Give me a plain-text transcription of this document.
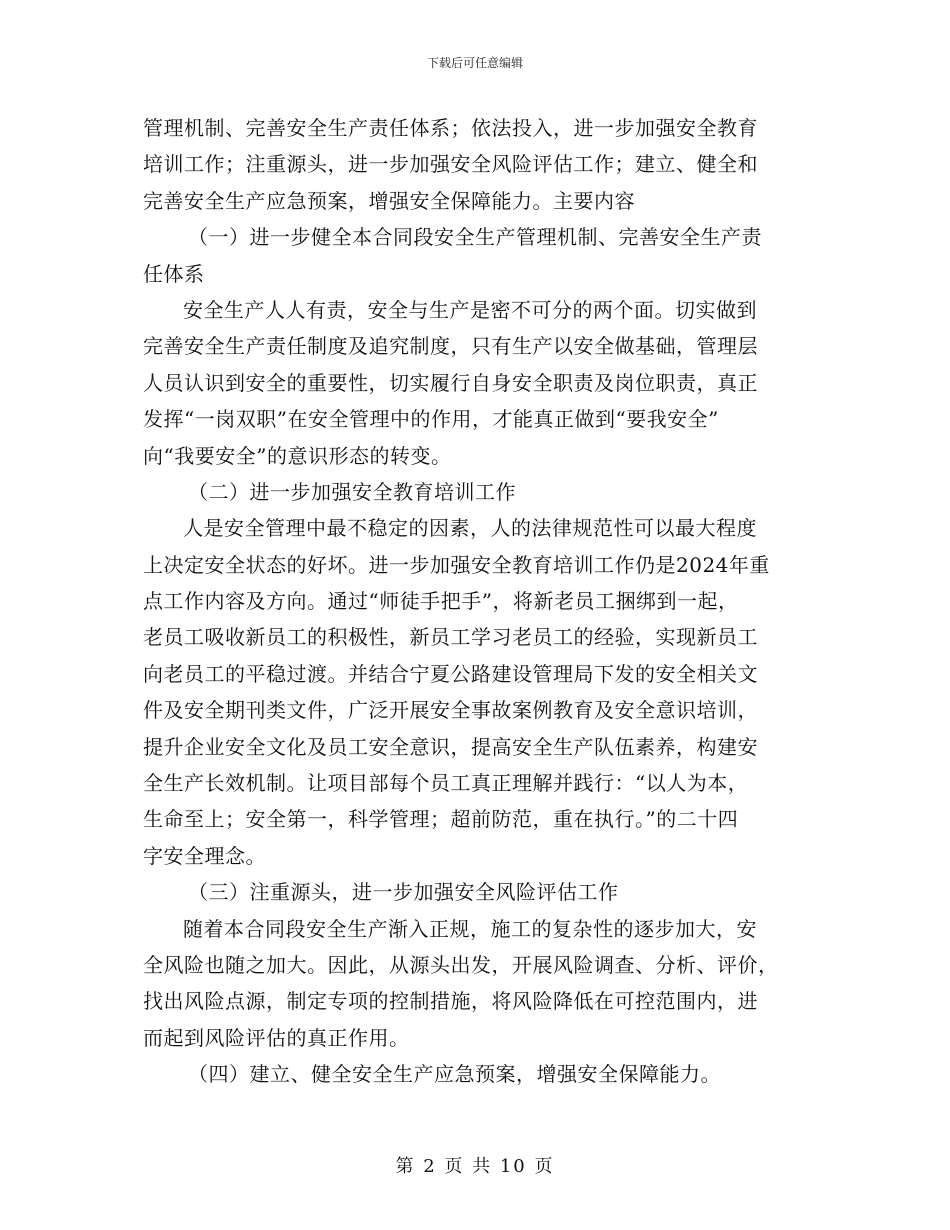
下载后可任意编辑
管理机制、完善安全生产责任体系；依法投入，进一步加强安全教育
培训工作；注重源头，进一步加强安全风险评估工作；建立、健全和
完善安全生产应急预案，增强安全保障能力。主要内容
（一）进一步健全本合同段安全生产管理机制、完善安全生产责
任体系
安全生产人人有责，安全与生产是密不可分的两个面。切实做到
完善安全生产责任制度及追究制度，只有生产以安全做基础，管理层
人员认识到安全的重要性，切实履行自身安全职责及岗位职责，真正
发挥“一岗双职”在安全管理中的作用，才能真正做到“要我安全”
向“我要安全”的意识形态的转变。
（二）进一步加强安全教育培训工作
人是安全管理中最不稳定的因素，人的法律规范性可以最大程度
上决定安全状态的好坏。进一步加强安全教育培训工作仍是2024年重
点工作内容及方向。通过“师徒手把手”，将新老员工捆绑到一起，
老员工吸收新员工的积极性，新员工学习老员工的经验，实现新员工
向老员工的平稳过渡。并结合宁夏公路建设管理局下发的安全相关文
件及安全期刊类文件，广泛开展安全事故案例教育及安全意识培训，
提升企业安全文化及员工安全意识，提高安全生产队伍素养，构建安
全生产长效机制。让项目部每个员工真正理解并践行：“以人为本，
生命至上；安全第一，科学管理；超前防范，重在执行。”的二十四
字安全理念。
（三）注重源头，进一步加强安全风险评估工作
随着本合同段安全生产渐入正规，施工的复杂性的逐步加大，安
全风险也随之加大。因此，从源头出发，开展风险调查、分析、评价，
找出风险点源，制定专项的控制措施，将风险降低在可控范围内，进
而起到风险评估的真正作用。
（四）建立、健全安全生产应急预案，增强安全保障能力。
第 2 页 共 10 页
